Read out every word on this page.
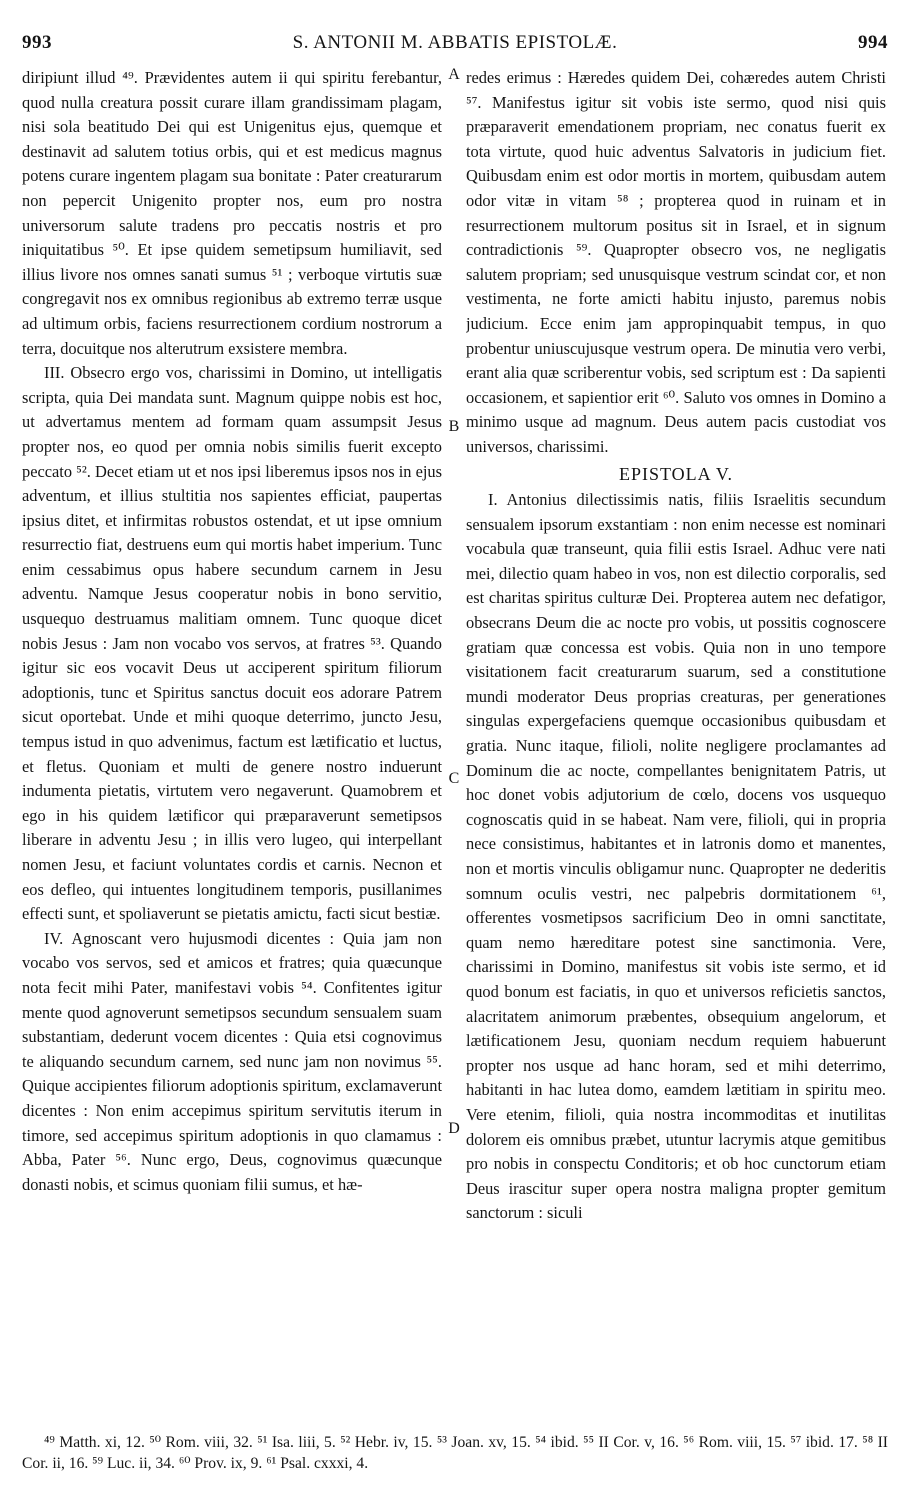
993	S. ANTONII M. ABBATIS EPISTOLÆ.	994

diripiunt illud ⁴⁹. Prævidentes autem ii qui spiritu ferebantur, quod nulla creatura possit curare illam grandissimam plagam, nisi sola beatitudo Dei qui est Unigenitus ejus, quemque et destinavit ad salutem totius orbis, qui et est medicus magnus potens curare ingentem plagam sua bonitate : Pater creaturarum non pepercit Unigenito propter nos, eum pro nostra universorum salute tradens pro peccatis nostris et pro iniquitatibus ⁵⁰. Et ipse quidem semetipsum humiliavit, sed illius livore nos omnes sanati sumus ⁵¹ ; verboque virtutis suæ congregavit nos ex omnibus regionibus ab extremo terræ usque ad ultimum orbis, faciens resurrectionem cordium nostrorum a terra, docuitque nos alterutrum exsistere membra.

III. Obsecro ergo vos, charissimi in Domino, ut intelligatis scripta, quia Dei mandata sunt. Magnum quippe nobis est hoc, ut advertamus mentem ad formam quam assumpsit Jesus propter nos, eo quod per omnia nobis similis fuerit excepto peccato ⁵². Decet etiam ut et nos ipsi liberemus ipsos nos in ejus adventum, et illius stultitia nos sapientes efficiat, paupertas ipsius ditet, et infirmitas robustos ostendat, et ut ipse omnium resurrectio fiat, destruens eum qui mortis habet imperium. Tunc enim cessabimus opus habere secundum carnem in Jesu adventu. Namque Jesus cooperatur nobis in bono servitio, usquequo destruamus malitiam omnem. Tunc quoque dicet nobis Jesus : Jam non vocabo vos servos, at fratres ⁵³. Quando igitur sic eos vocavit Deus ut acciperent spiritum filiorum adoptionis, tunc et Spiritus sanctus docuit eos adorare Patrem sicut oportebat. Unde et mihi quoque deterrimo, juncto Jesu, tempus istud in quo advenimus, factum est lætificatio et luctus, et fletus. Quoniam et multi de genere nostro induerunt indumenta pietatis, virtutem vero negaverunt. Quamobrem et ego in his quidem lætificor qui præparaverunt semetipsos liberare in adventu Jesu ; in illis vero lugeo, qui interpellant nomen Jesu, et faciunt voluntates cordis et carnis. Necnon et eos defleo, qui intuentes longitudinem temporis, pusillanimes effecti sunt, et spoliaverunt se pietatis amictu, facti sicut bestiæ.

IV. Agnoscant vero hujusmodi dicentes : Quia jam non vocabo vos servos, sed et amicos et fratres; quia quæcunque nota fecit mihi Pater, manifestavi vobis ⁵⁴. Confitentes igitur mente quod agnoverunt semetipsos secundum sensualem suam substantiam, dederunt vocem dicentes : Quia etsi cognovimus te aliquando secundum carnem, sed nunc jam non novimus ⁵⁵. Quique accipientes filiorum adoptionis spiritum, exclamaverunt dicentes : Non enim accepimus spiritum servitutis iterum in timore, sed accepimus spiritum adoptionis in quo clamamus : Abba, Pater ⁵⁶. Nunc ergo, Deus, cognovimus quæcunque donasti nobis, et scimus quoniam filii sumus, et hæ-

A
B
C
D

redes erimus : Hæredes quidem Dei, cohæredes autem Christi ⁵⁷. Manifestus igitur sit vobis iste sermo, quod nisi quis præparaverit emendationem propriam, nec conatus fuerit ex tota virtute, quod huic adventus Salvatoris in judicium fiet. Quibusdam enim est odor mortis in mortem, quibusdam autem odor vitæ in vitam ⁵⁸ ; propterea quod in ruinam et in resurrectionem multorum positus sit in Israel, et in signum contradictionis ⁵⁹. Quapropter obsecro vos, ne negligatis salutem propriam; sed unusquisque vestrum scindat cor, et non vestimenta, ne forte amicti habitu injusto, paremus nobis judicium. Ecce enim jam appropinquabit tempus, in quo probentur uniuscujusque vestrum opera. De minutia vero verbi, erant alia quæ scriberentur vobis, sed scriptum est : Da sapienti occasionem, et sapientior erit ⁶⁰. Saluto vos omnes in Domino a minimo usque ad magnum. Deus autem pacis custodiat vos universos, charissimi.

EPISTOLA V.

I. Antonius dilectissimis natis, filiis Israelitis secundum sensualem ipsorum exstantiam : non enim necesse est nominari vocabula quæ transeunt, quia filii estis Israel. Adhuc vere nati mei, dilectio quam habeo in vos, non est dilectio corporalis, sed est charitas spiritus culturæ Dei. Propterea autem nec defatigor, obsecrans Deum die ac nocte pro vobis, ut possitis cognoscere gratiam quæ concessa est vobis. Quia non in uno tempore visitationem facit creaturarum suarum, sed a constitutione mundi moderator Deus proprias creaturas, per generationes singulas expergefaciens quemque occasionibus quibusdam et gratia. Nunc itaque, filioli, nolite negligere proclamantes ad Dominum die ac nocte, compellantes benignitatem Patris, ut hoc donet vobis adjutorium de cœlo, docens vos usquequo cognoscatis quid in se habeat. Nam vere, filioli, qui in propria nece consistimus, habitantes et in latronis domo et manentes, non et mortis vinculis obligamur nunc. Quapropter ne dederitis somnum oculis vestri, nec palpebris dormitationem ⁶¹, offerentes vosmetipsos sacrificium Deo in omni sanctitate, quam nemo hæreditare potest sine sanctimonia. Vere, charissimi in Domino, manifestus sit vobis iste sermo, et id quod bonum est faciatis, in quo et universos reficietis sanctos, alacritatem animorum præbentes, obsequium angelorum, et lætificationem Jesu, quoniam necdum requiem habuerunt propter nos usque ad hanc horam, sed et mihi deterrimo, habitanti in hac lutea domo, eamdem lætitiam in spiritu meo. Vere etenim, filioli, quia nostra incommoditas et inutilitas dolorem eis omnibus præbet, utuntur lacrymis atque gemitibus pro nobis in conspectu Conditoris; et ob hoc cunctorum etiam Deus irascitur super opera nostra maligna propter gemitum sanctorum : siculi

⁴⁹ Matth. xi, 12. ⁵⁰ Rom. viii, 32. ⁵¹ Isa. liii, 5. ⁵² Hebr. iv, 15. ⁵³ Joan. xv, 15. ⁵⁴ ibid. ⁵⁵ II Cor. v, 16. ⁵⁶ Rom. viii, 15. ⁵⁷ ibid. 17. ⁵⁸ II Cor. ii, 16. ⁵⁹ Luc. ii, 34. ⁶⁰ Prov. ix, 9. ⁶¹ Psal. cxxxi, 4.
